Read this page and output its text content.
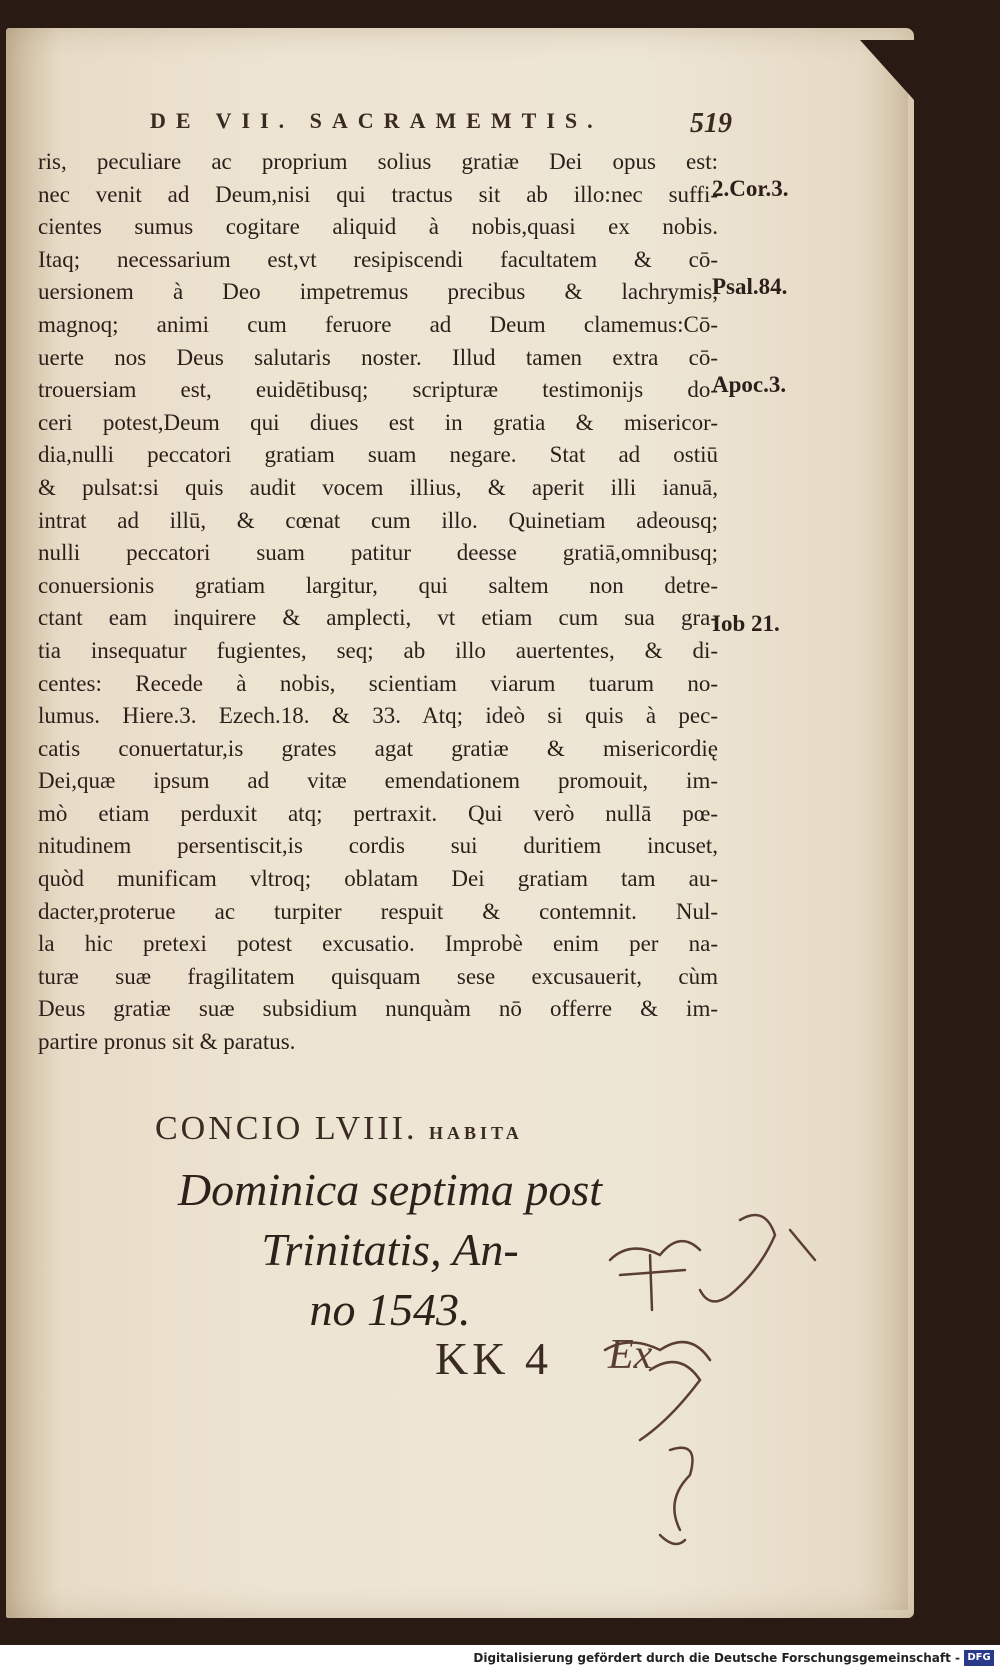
DE VII. SACRAMEMTIS.	519
ris, peculiare ac proprium solius gratiæ Dei opus est:
nec venit ad Deum,nisi qui tractus sit ab illo:nec suffi-
cientes sumus cogitare aliquid à nobis,quasi ex nobis.
Itaq; necessarium est,vt resipiscendi facultatem & cō-
uersionem à Deo impetremus precibus & lachrymis,
magnoq; animi cum feruore ad Deum clamemus:Cō-
uerte nos Deus salutaris noster. Illud tamen extra cō-
trouersiam est, euidētibusq; scripturæ testimonijs do-
ceri potest,Deum qui diues est in gratia & misericor-
dia,nulli peccatori gratiam suam negare. Stat ad ostiū
& pulsat:si quis audit vocem illius, & aperit illi ianuā,
intrat ad illū, & cœnat cum illo. Quinetiam adeousq;
nulli peccatori suam patitur deesse gratiā,omnibusq;
conuersionis gratiam largitur, qui saltem non detre-
ctant eam inquirere & amplecti, vt etiam cum sua gra-
tia insequatur fugientes, seq; ab illo auertentes, & di-
centes: Recede à nobis, scientiam viarum tuarum no-
lumus. Hiere.3. Ezech.18. & 33. Atq; ideò si quis à pec-
catis conuertatur,is grates agat gratiæ & misericordię
Dei,quæ ipsum ad vitæ emendationem promouit, im-
mò etiam perduxit atq; pertraxit. Qui verò nullā pœ-
nitudinem persentiscit,is cordis sui duritiem incuset,
quòd munificam vltroq; oblatam Dei gratiam tam au-
dacter,proterue ac turpiter respuit & contemnit. Nul-
la hic pretexi potest excusatio. Improbè enim per na-
turæ suæ fragilitatem quisquam sese excusauerit, cùm
Deus gratiæ suæ subsidium nunquàm nō offerre & im-
partire pronus sit & paratus.
2.Cor.3.
Psal.84.
Apoc.3.
Iob 21.
CONCIO LVIII. HABITA
Dominica septima post
Trinitatis, An-
no 1543.
KK 4 Ex
Digitalisierung gefördert durch die Deutsche Forschungsgemeinschaft - DFG
